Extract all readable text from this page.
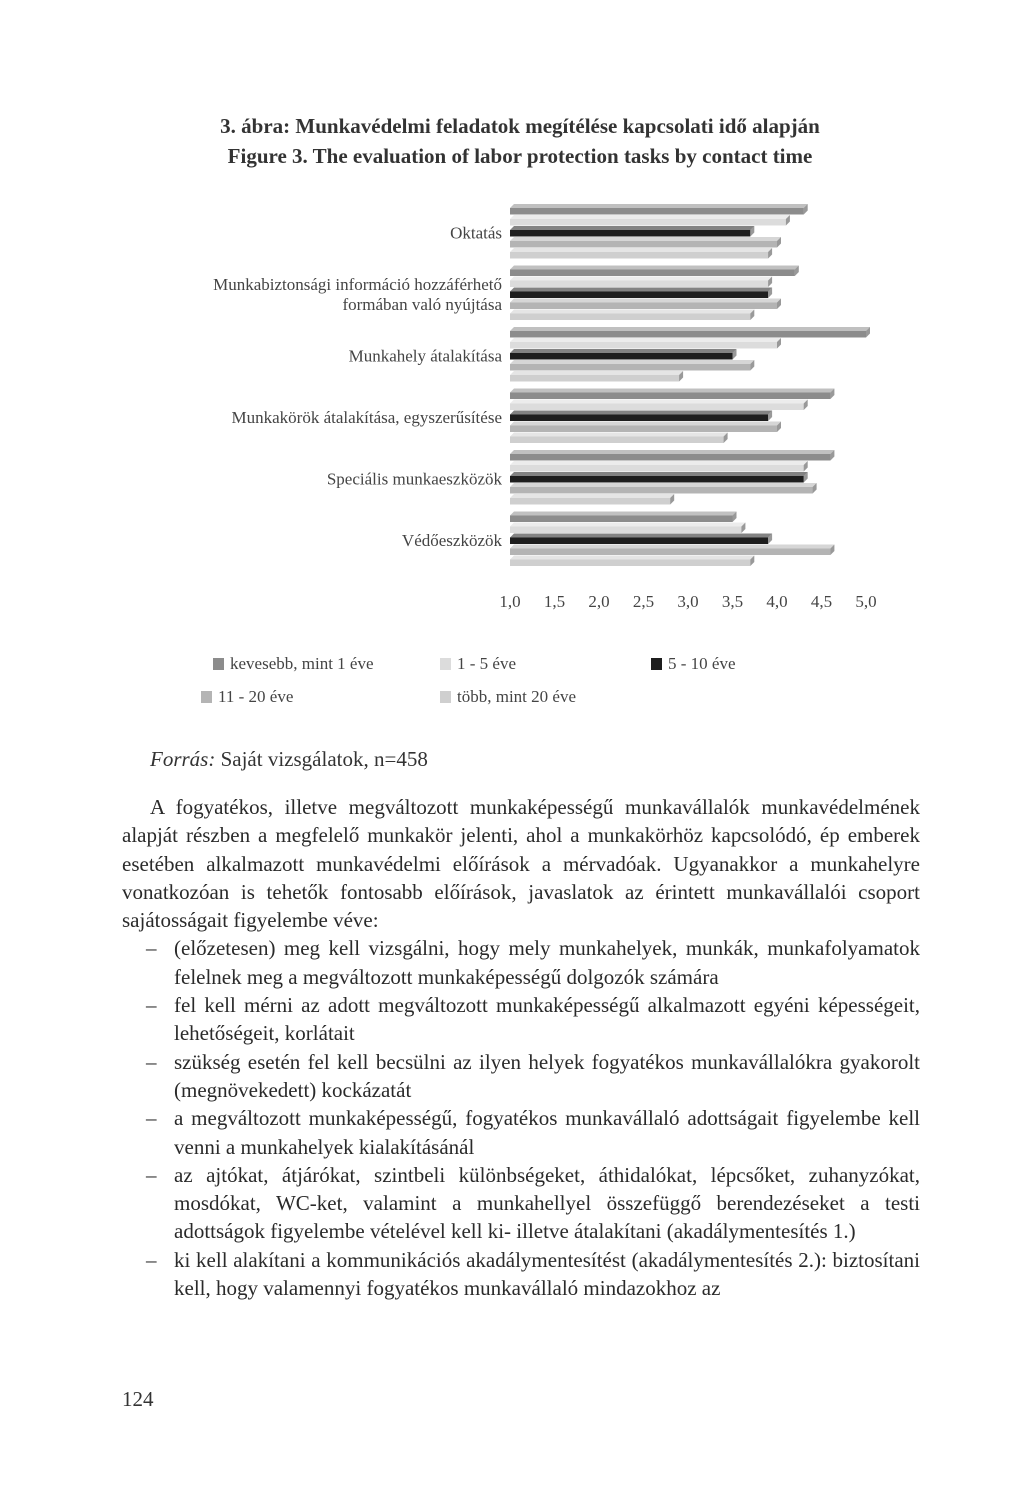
3. ábra: Munkavédelmi feladatok megítélése kapcsolati idő alapján
Figure 3. The evaluation of labor protection tasks by contact time
Oktatás
Munkabiztonsági információ hozzáférhető
formában való nyújtása
Munkahely átalakítása
Munkakörök átalakítása, egyszerűsítése
Speciális munkaeszközök
Védőeszközök
1,0 1,5 2,0 2,5 3,0 3,5 4,0 4,5 5,0
kevesebb, mint 1 éve	1 - 5 éve	5 - 10 éve
11 - 20 éve	több, mint 20 éve
Forrás: Saját vizsgálatok, n=458

A fogyatékos, illetve megváltozott munkaképességű munkavállalók munkavédelmének alapját részben a megfelelő munkakör jelenti, ahol a munkakörhöz kapcsolódó, ép emberek esetében alkalmazott munkavédelmi előírások a mérvadóak. Ugyanakkor a munkahelyre vonatkozóan is tehetők fontosabb előírások, javaslatok az érintett munkavállalói csoport sajátosságait figyelembe véve:

– (előzetesen) meg kell vizsgálni, hogy mely munkahelyek, munkák, munkafolyamatok felelnek meg a megváltozott munkaképességű dolgozók számára
– fel kell mérni az adott megváltozott munkaképességű alkalmazott egyéni képességeit, lehetőségeit, korlátait
– szükség esetén fel kell becsülni az ilyen helyek fogyatékos munkavállalókra gyakorolt (megnövekedett) kockázatát
– a megváltozott munkaképességű, fogyatékos munkavállaló adottságait figyelembe kell venni a munkahelyek kialakításánál
– az ajtókat, átjárókat, szintbeli különbségeket, áthidalókat, lépcsőket, zuhanyzókat, mosdókat, WC-ket, valamint a munkahellyel összefüggő berendezéseket a testi adottságok figyelembe vételével kell ki- illetve átalakítani (akadálymentesítés 1.)
– ki kell alakítani a kommunikációs akadálymentesítést (akadálymentesítés 2.): biztosítani kell, hogy valamennyi fogyatékos munkavállaló mindazokhoz az
124
